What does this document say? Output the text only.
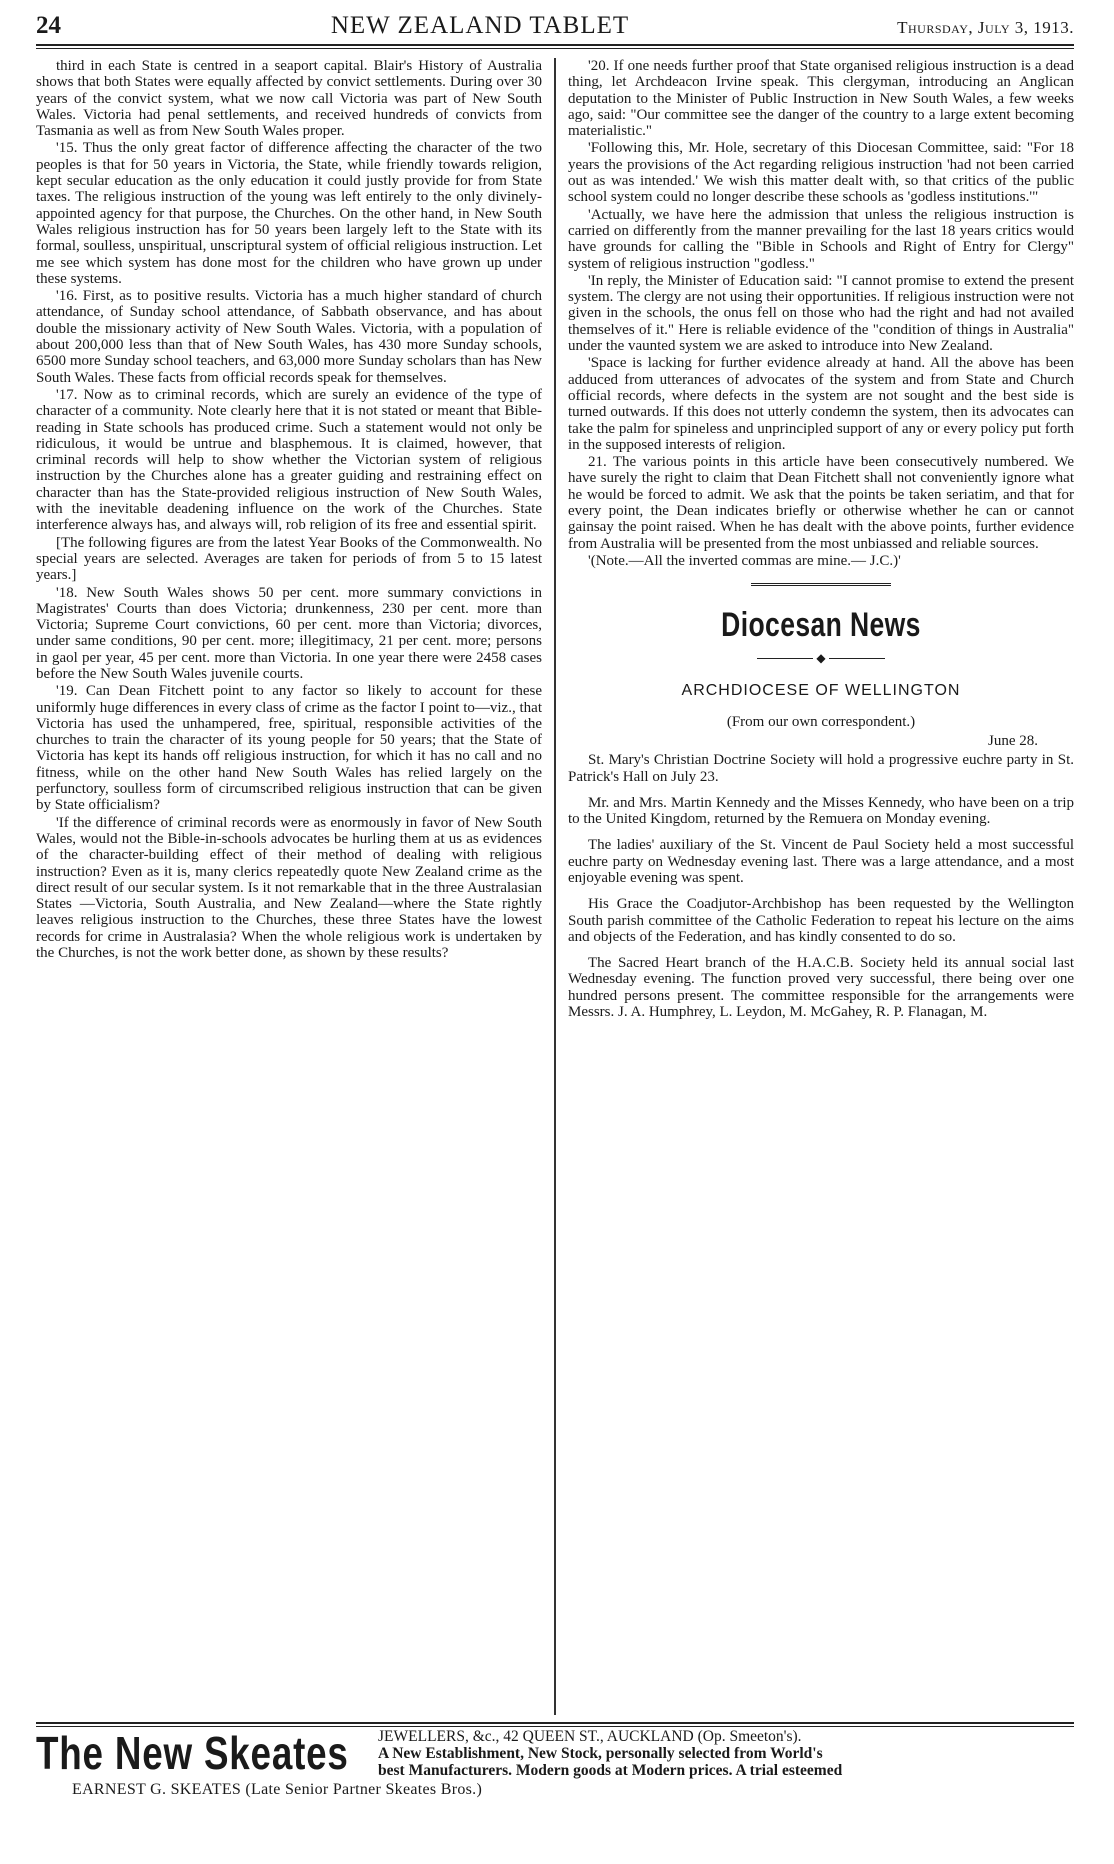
24	NEW ZEALAND TABLET	Thursday, July 3, 1913.

third in each State is centred in a seaport capital. Blair's History of Australia shows that both States were equally affected by convict settlements. During over 30 years of the convict system, what we now call Victoria was part of New South Wales. Victoria had penal settlements, and received hundreds of convicts from Tasmania as well as from New South Wales proper.

'15. Thus the only great factor of difference affecting the character of the two peoples is that for 50 years in Victoria, the State, while friendly towards religion, kept secular education as the only education it could justly provide for from State taxes. The religious instruction of the young was left entirely to the only divinely-appointed agency for that purpose, the Churches. On the other hand, in New South Wales religious instruction has for 50 years been largely left to the State with its formal, soulless, unspiritual, unscriptural system of official religious instruction. Let me see which system has done most for the children who have grown up under these systems.

'16. First, as to positive results. Victoria has a much higher standard of church attendance, of Sunday school attendance, of Sabbath observance, and has about double the missionary activity of New South Wales. Victoria, with a population of about 200,000 less than that of New South Wales, has 430 more Sunday schools, 6500 more Sunday school teachers, and 63,000 more Sunday scholars than has New South Wales. These facts from official records speak for themselves.

'17. Now as to criminal records, which are surely an evidence of the type of character of a community. Note clearly here that it is not stated or meant that Bible-reading in State schools has produced crime. Such a statement would not only be ridiculous, it would be untrue and blasphemous. It is claimed, however, that criminal records will help to show whether the Victorian system of religious instruction by the Churches alone has a greater guiding and restraining effect on character than has the State-provided religious instruction of New South Wales, with the inevitable deadening influence on the work of the Churches. State interference always has, and always will, rob religion of its free and essential spirit.

[The following figures are from the latest Year Books of the Commonwealth. No special years are selected. Averages are taken for periods of from 5 to 15 latest years.]

'18. New South Wales shows 50 per cent. more summary convictions in Magistrates' Courts than does Victoria; drunkenness, 230 per cent. more than Victoria; Supreme Court convictions, 60 per cent. more than Victoria; divorces, under same conditions, 90 per cent. more; illegitimacy, 21 per cent. more; persons in gaol per year, 45 per cent. more than Victoria. In one year there were 2458 cases before the New South Wales juvenile courts.

'19. Can Dean Fitchett point to any factor so likely to account for these uniformly huge differences in every class of crime as the factor I point to—viz., that Victoria has used the unhampered, free, spiritual, responsible activities of the churches to train the character of its young people for 50 years; that the State of Victoria has kept its hands off religious instruction, for which it has no call and no fitness, while on the other hand New South Wales has relied largely on the perfunctory, soulless form of circumscribed religious instruction that can be given by State officialism?

'If the difference of criminal records were as enormously in favor of New South Wales, would not the Bible-in-schools advocates be hurling them at us as evidences of the character-building effect of their method of dealing with religious instruction? Even as it is, many clerics repeatedly quote New Zealand crime as the direct result of our secular system. Is it not remarkable that in the three Australasian States —Victoria, South Australia, and New Zealand—where the State rightly leaves religious instruction to the Churches, these three States have the lowest records for crime in Australasia? When the whole religious work is undertaken by the Churches, is not the work better done, as shown by these results?

'20. If one needs further proof that State organised religious instruction is a dead thing, let Archdeacon Irvine speak. This clergyman, introducing an Anglican deputation to the Minister of Public Instruction in New South Wales, a few weeks ago, said: "Our committee see the danger of the country to a large extent becoming materialistic."

'Following this, Mr. Hole, secretary of this Diocesan Committee, said: "For 18 years the provisions of the Act regarding religious instruction 'had not been carried out as was intended.' We wish this matter dealt with, so that critics of the public school system could no longer describe these schools as 'godless institutions.'"

'Actually, we have here the admission that unless the religious instruction is carried on differently from the manner prevailing for the last 18 years critics would have grounds for calling the "Bible in Schools and Right of Entry for Clergy" system of religious instruction "godless."

'In reply, the Minister of Education said: "I cannot promise to extend the present system. The clergy are not using their opportunities. If religious instruction were not given in the schools, the onus fell on those who had the right and had not availed themselves of it." Here is reliable evidence of the "condition of things in Australia" under the vaunted system we are asked to introduce into New Zealand.

'Space is lacking for further evidence already at hand. All the above has been adduced from utterances of advocates of the system and from State and Church official records, where defects in the system are not sought and the best side is turned outwards. If this does not utterly condemn the system, then its advocates can take the palm for spineless and unprincipled support of any or every policy put forth in the supposed interests of religion.

21. The various points in this article have been consecutively numbered. We have surely the right to claim that Dean Fitchett shall not conveniently ignore what he would be forced to admit. We ask that the points be taken seriatim, and that for every point, the Dean indicates briefly or otherwise whether he can or cannot gainsay the point raised. When he has dealt with the above points, further evidence from Australia will be presented from the most unbiassed and reliable sources.

'(Note.—All the inverted commas are mine.— J.C.)'

Diocesan News
◆
ARCHDIOCESE OF WELLINGTON
(From our own correspondent.)
June 28.

St. Mary's Christian Doctrine Society will hold a progressive euchre party in St. Patrick's Hall on July 23.

Mr. and Mrs. Martin Kennedy and the Misses Kennedy, who have been on a trip to the United Kingdom, returned by the Remuera on Monday evening.

The ladies' auxiliary of the St. Vincent de Paul Society held a most successful euchre party on Wednesday evening last. There was a large attendance, and a most enjoyable evening was spent.

His Grace the Coadjutor-Archbishop has been requested by the Wellington South parish committee of the Catholic Federation to repeat his lecture on the aims and objects of the Federation, and has kindly consented to do so.

The Sacred Heart branch of the H.A.C.B. Society held its annual social last Wednesday evening. The function proved very successful, there being over one hundred persons present. The committee responsible for the arrangements were Messrs. J. A. Humphrey, L. Leydon, M. McGahey, R. P. Flanagan, M.

The New Skeates JEWELLERS, &c., 42 QUEEN ST., AUCKLAND (Op. Smeeton's).
A New Establishment, New Stock, personally selected from World's
best Manufacturers. Modern goods at Modern prices. A trial esteemed
EARNEST G. SKEATES (Late Senior Partner Skeates Bros.)
